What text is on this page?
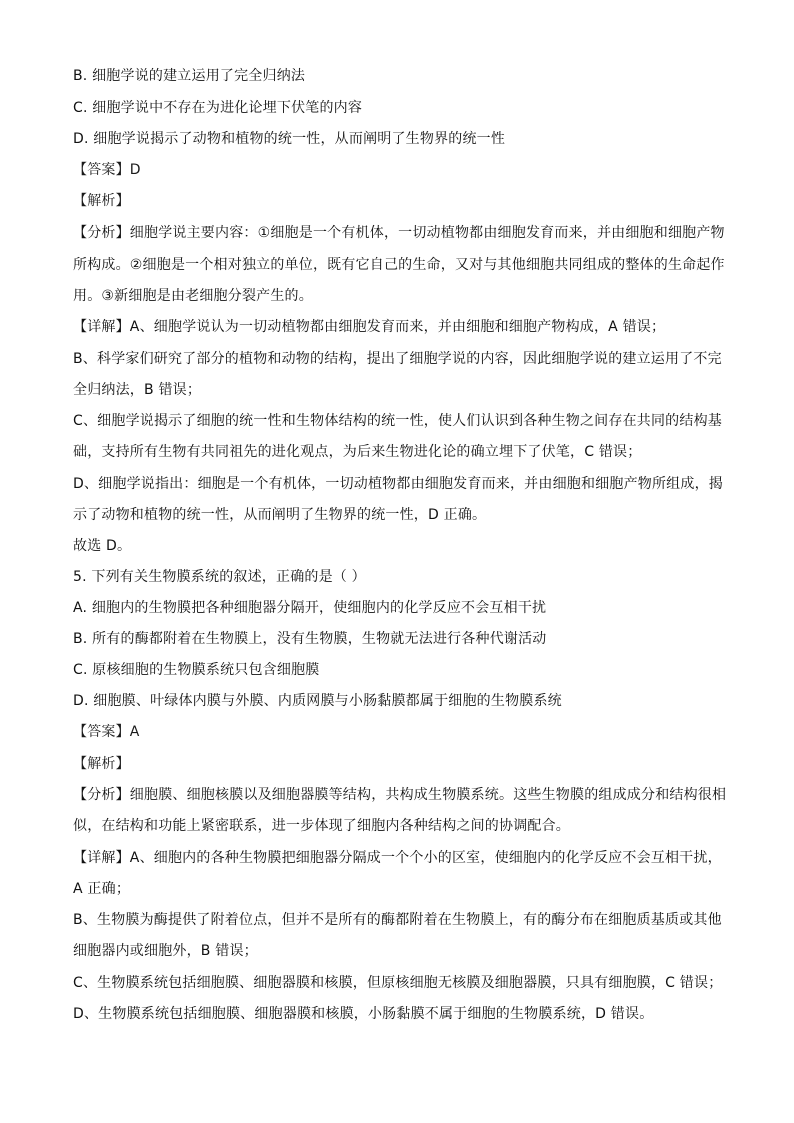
B. 细胞学说的建立运用了完全归纳法
C. 细胞学说中不存在为进化论埋下伏笔的内容
D. 细胞学说揭示了动物和植物的统一性，从而阐明了生物界的统一性
【答案】D
【解析】
【分析】细胞学说主要内容：①细胞是一个有机体，一切动植物都由细胞发育而来，并由细胞和细胞产物
所构成。②细胞是一个相对独立的单位，既有它自己的生命，又对与其他细胞共同组成的整体的生命起作
用。③新细胞是由老细胞分裂产生的。
【详解】A、细胞学说认为一切动植物都由细胞发育而来，并由细胞和细胞产物构成，A 错误；
B、科学家们研究了部分的植物和动物的结构，提出了细胞学说的内容，因此细胞学说的建立运用了不完
全归纳法，B 错误；
C、细胞学说揭示了细胞的统一性和生物体结构的统一性，使人们认识到各种生物之间存在共同的结构基
础，支持所有生物有共同祖先的进化观点，为后来生物进化论的确立埋下了伏笔，C 错误；
D、细胞学说指出：细胞是一个有机体，一切动植物都由细胞发育而来，并由细胞和细胞产物所组成，揭
示了动物和植物的统一性，从而阐明了生物界的统一性，D 正确。
故选 D。
5. 下列有关生物膜系统的叙述，正确的是（ ）
A. 细胞内的生物膜把各种细胞器分隔开，使细胞内的化学反应不会互相干扰
B. 所有的酶都附着在生物膜上，没有生物膜，生物就无法进行各种代谢活动
C. 原核细胞的生物膜系统只包含细胞膜
D. 细胞膜、叶绿体内膜与外膜、内质网膜与小肠黏膜都属于细胞的生物膜系统
【答案】A
【解析】
【分析】细胞膜、细胞核膜以及细胞器膜等结构，共构成生物膜系统。这些生物膜的组成成分和结构很相
似，在结构和功能上紧密联系，进一步体现了细胞内各种结构之间的协调配合。
【详解】A、细胞内的各种生物膜把细胞器分隔成一个个小的区室，使细胞内的化学反应不会互相干扰，
A 正确；
B、生物膜为酶提供了附着位点，但并不是所有的酶都附着在生物膜上，有的酶分布在细胞质基质或其他
细胞器内或细胞外，B 错误；
C、生物膜系统包括细胞膜、细胞器膜和核膜，但原核细胞无核膜及细胞器膜，只具有细胞膜，C 错误；
D、生物膜系统包括细胞膜、细胞器膜和核膜，小肠黏膜不属于细胞的生物膜系统，D 错误。
